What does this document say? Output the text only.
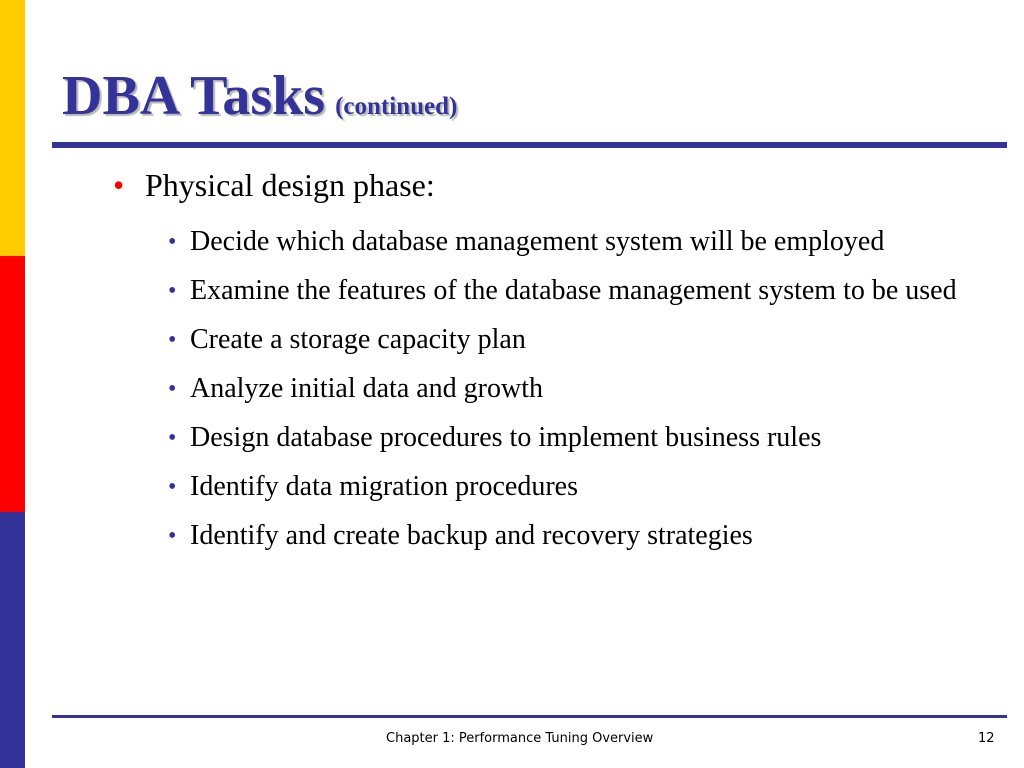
DBA Tasks (continued)
• Physical design phase:
• Decide which database management system will be employed
• Examine the features of the database management system to be used
• Create a storage capacity plan
• Analyze initial data and growth
• Design database procedures to implement business rules
• Identify data migration procedures
• Identify and create backup and recovery strategies
Chapter 1: Performance Tuning Overview	12
